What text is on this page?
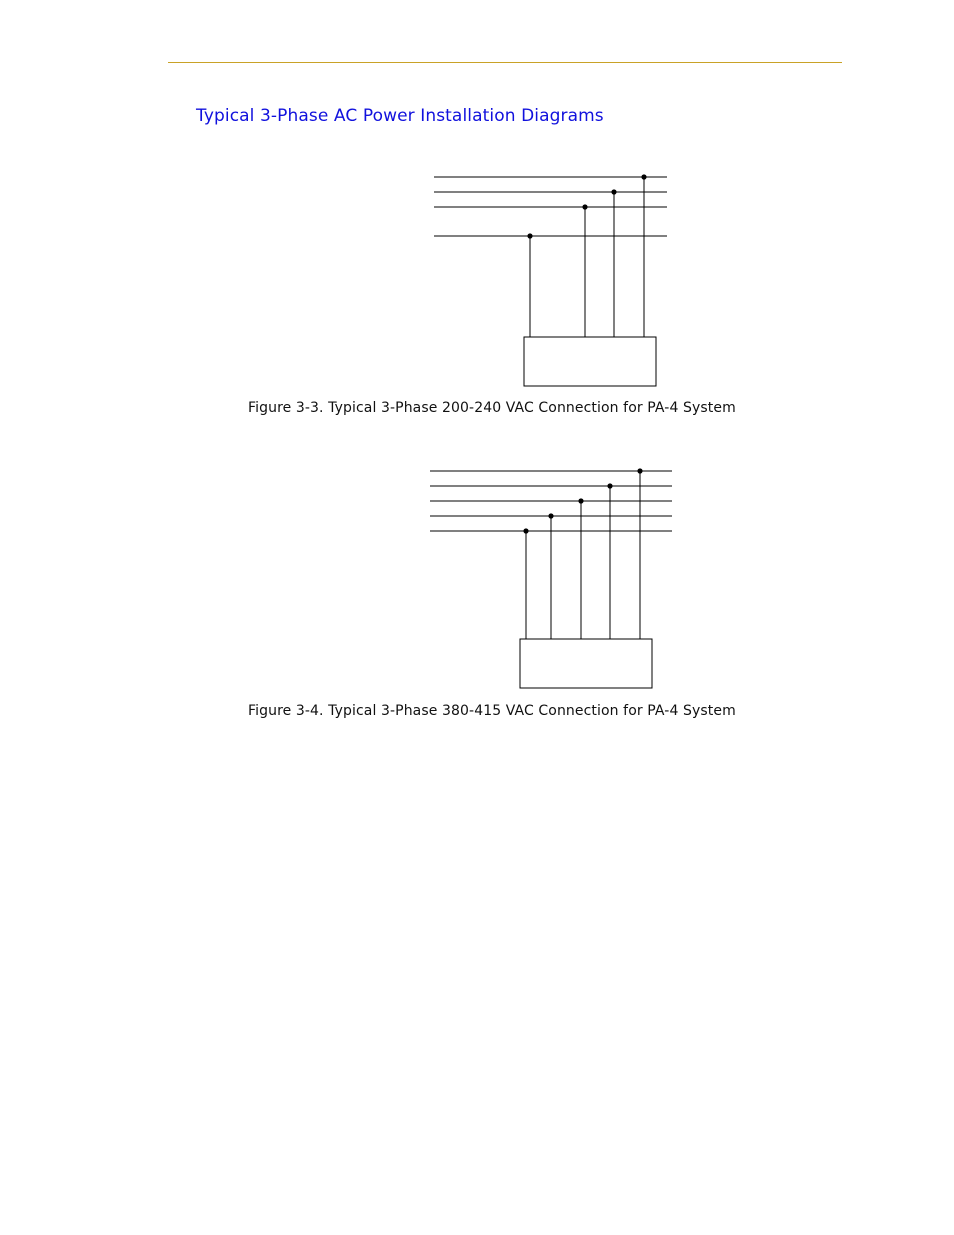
Typical 3-Phase AC Power Installation Diagrams

Figure 3-3. Typical 3-Phase 200-240 VAC Connection for PA-4 System

Figure 3-4. Typical 3-Phase 380-415 VAC Connection for PA-4 System
